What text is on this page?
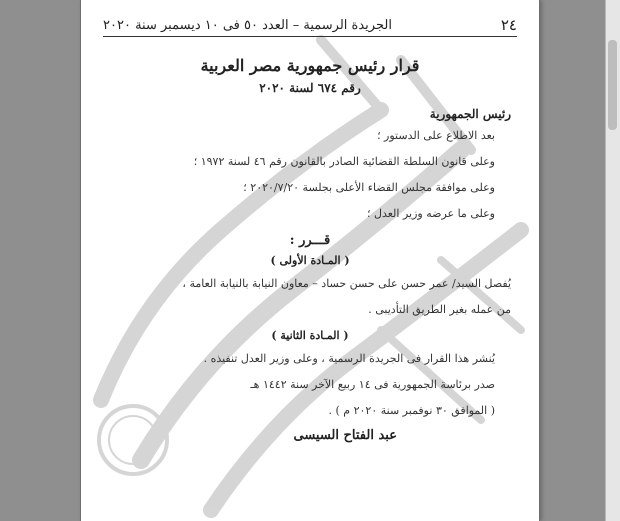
٢٤
الجريدة الرسمية – العدد ٥٠ فى ١٠ ديسمبر سنة ٢٠٢٠
قرار رئيس جمهورية مصر العربية
رقم ٦٧٤ لسنة ٢٠٢٠
رئيس الجمهورية
بعد الاطلاع على الدستور ؛
وعلى قانون السلطة القضائية الصادر بالقانون رقم ٤٦ لسنة ١٩٧٢ ؛
وعلى موافقة مجلس القضاء الأعلى بجلسة ٢٠٢٠/٧/٢٠ ؛
وعلى ما عرضه وزير العدل ؛
قـــرر :
( المـادة الأولى )
يُفصل السيد/ عمر حسن على حسن حساد – معاون النيابة بالنيابة العامة ،
من عمله بغير الطريق التأديبى .
( المـادة الثانية )
يُنشر هذا القرار فى الجريدة الرسمية ، وعلى وزير العدل تنفيذه .
صدر برئاسة الجمهورية فى ١٤ ربيع الآخر سنة ١٤٤٢ هـ
( الموافق ٣٠ نوفمبر سنة ٢٠٢٠ م ) .
عبد الفتاح السيسى
